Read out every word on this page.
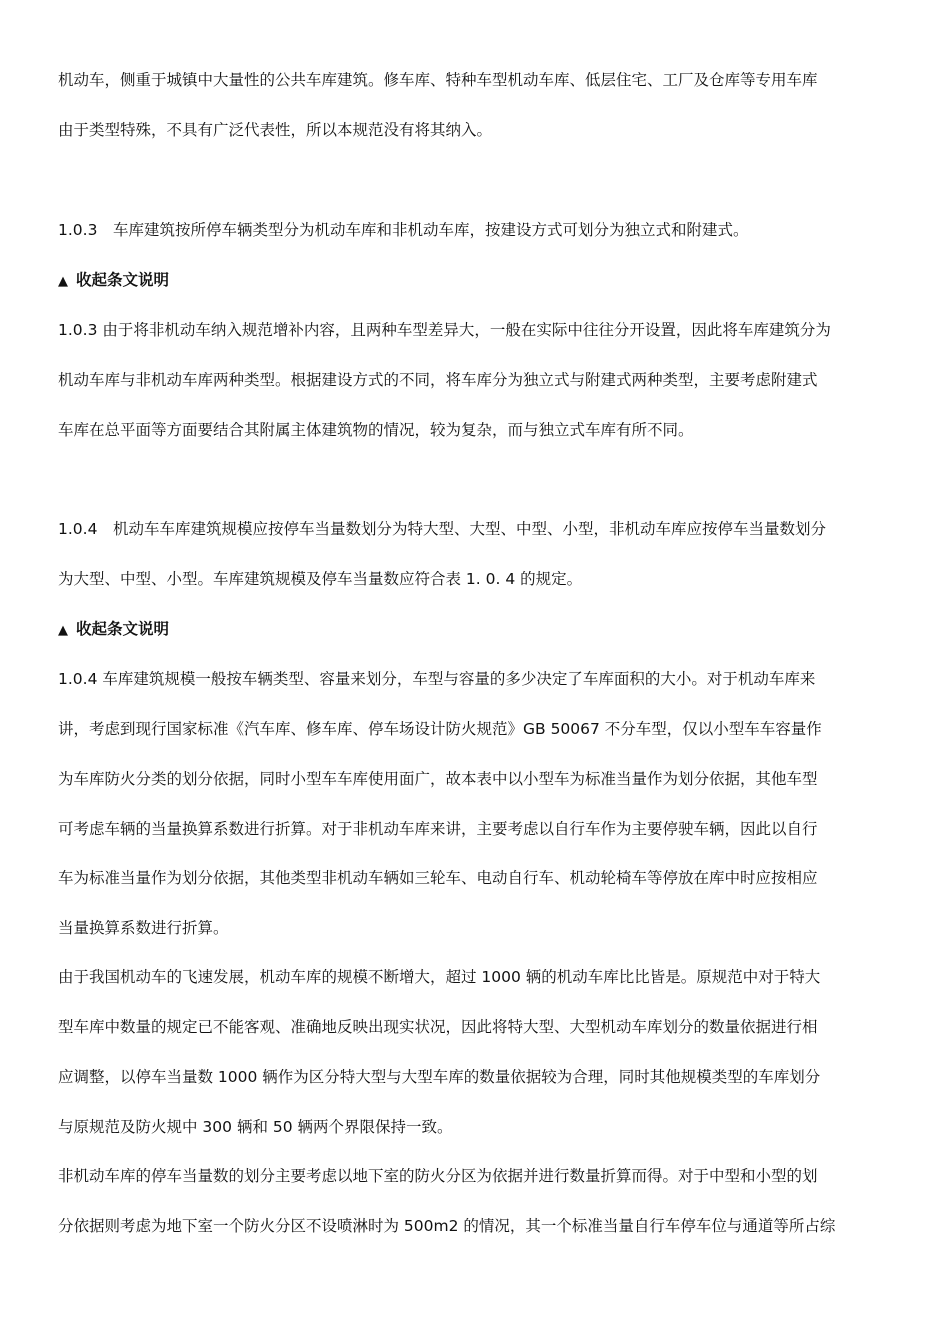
机动车，侧重于城镇中大量性的公共车库建筑。修车库、特种车型机动车库、低层住宅、工厂及仓库等专用车库
由于类型特殊，不具有广泛代表性，所以本规范没有将其纳入。
1.0.3　车库建筑按所停车辆类型分为机动车库和非机动车库，按建设方式可划分为独立式和附建式。
▲ 收起条文说明
1.0.3 由于将非机动车纳入规范增补内容，且两种车型差异大，一般在实际中往往分开设置，因此将车库建筑分为
机动车库与非机动车库两种类型。根据建设方式的不同，将车库分为独立式与附建式两种类型，主要考虑附建式
车库在总平面等方面要结合其附属主体建筑物的情况，较为复杂，而与独立式车库有所不同。
1.0.4　机动车车库建筑规模应按停车当量数划分为特大型、大型、中型、小型，非机动车库应按停车当量数划分
为大型、中型、小型。车库建筑规模及停车当量数应符合表 1. 0. 4 的规定。
▲ 收起条文说明
1.0.4 车库建筑规模一般按车辆类型、容量来划分，车型与容量的多少决定了车库面积的大小。对于机动车库来
讲，考虑到现行国家标准《汽车库、修车库、停车场设计防火规范》GB 50067 不分车型，仅以小型车车容量作
为车库防火分类的划分依据，同时小型车车库使用面广，故本表中以小型车为标准当量作为划分依据，其他车型
可考虑车辆的当量换算系数进行折算。对于非机动车库来讲，主要考虑以自行车作为主要停驶车辆，因此以自行
车为标准当量作为划分依据，其他类型非机动车辆如三轮车、电动自行车、机动轮椅车等停放在库中时应按相应
当量换算系数进行折算。
由于我国机动车的飞速发展，机动车库的规模不断增大，超过 1000 辆的机动车库比比皆是。原规范中对于特大
型车库中数量的规定已不能客观、准确地反映出现实状况，因此将特大型、大型机动车库划分的数量依据进行相
应调整，以停车当量数 1000 辆作为区分特大型与大型车库的数量依据较为合理，同时其他规模类型的车库划分
与原规范及防火规中 300 辆和 50 辆两个界限保持一致。
非机动车库的停车当量数的划分主要考虑以地下室的防火分区为依据并进行数量折算而得。对于中型和小型的划
分依据则考虑为地下室一个防火分区不设喷淋时为 500m2 的情况，其一个标准当量自行车停车位与通道等所占综
